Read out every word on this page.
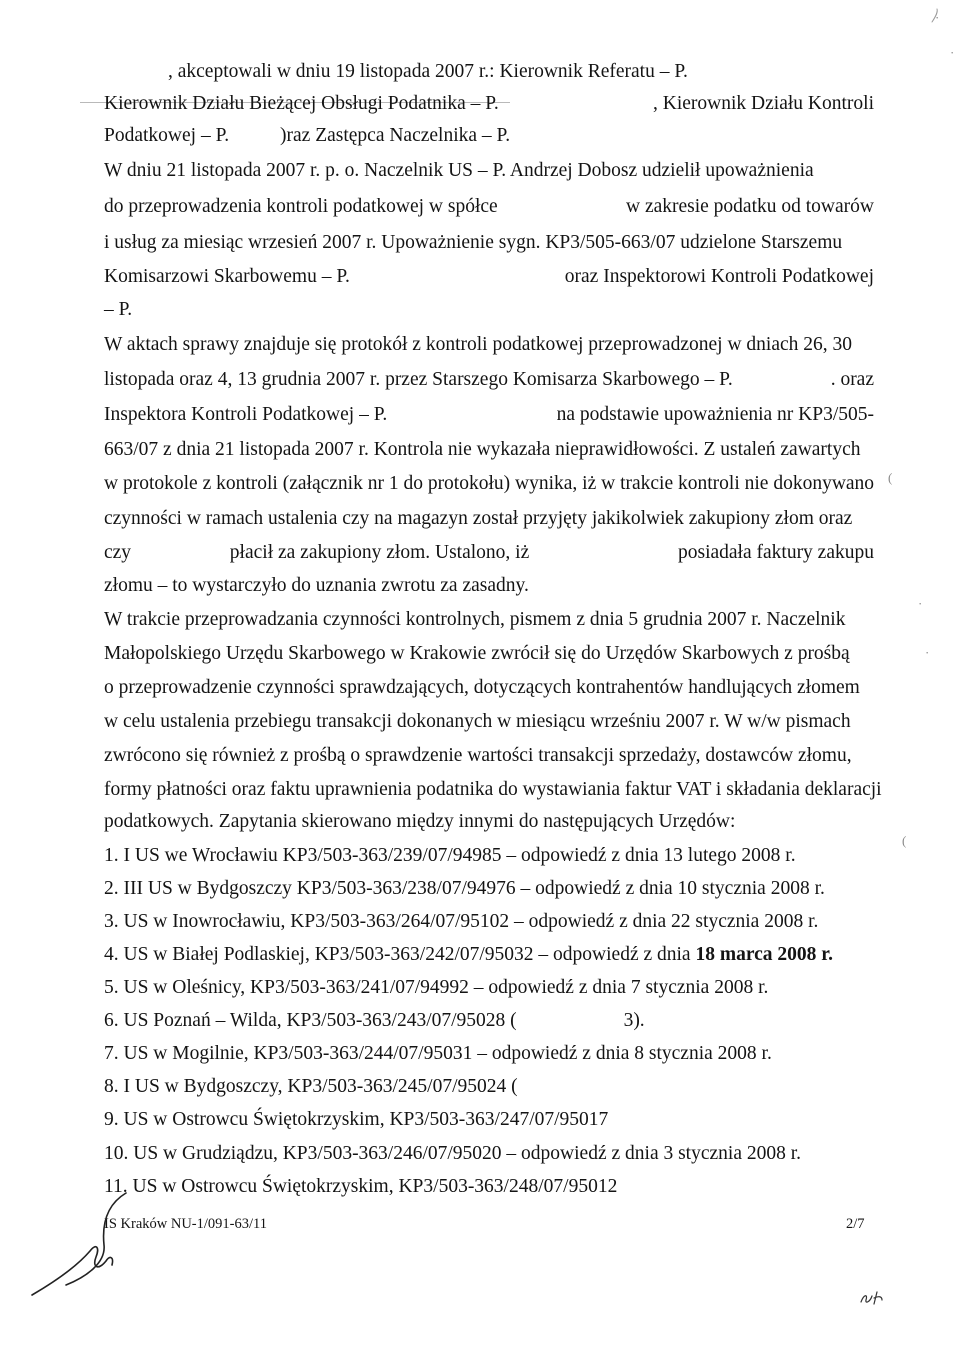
, akceptowali w dniu 19 listopada 2007 r.: Kierownik Referatu – P.
Kierownik Działu Bieżącej Obsługi Podatnika – P.	, Kierownik Działu Kontroli
Podatkowej – P.	)raz Zastępca Naczelnika – P.
W dniu 21 listopada 2007 r. p. o. Naczelnik US – P. Andrzej Dobosz udzielił upoważnienia
do przeprowadzenia kontroli podatkowej w spółce	w zakresie podatku od towarów
i usług za miesiąc wrzesień 2007 r. Upoważnienie sygn. KP3/505-663/07 udzielone Starszemu
Komisarzowi Skarbowemu – P.	oraz Inspektorowi Kontroli Podatkowej
– P.
W aktach sprawy znajduje się protokół z kontroli podatkowej przeprowadzonej w dniach 26, 30
listopada oraz 4, 13 grudnia 2007 r. przez Starszego Komisarza Skarbowego – P.	. oraz
Inspektora Kontroli Podatkowej – P.	na podstawie upoważnienia nr KP3/505-
663/07 z dnia 21 listopada 2007 r. Kontrola nie wykazała nieprawidłowości. Z ustaleń zawartych
w protokole z kontroli (załącznik nr 1 do protokołu) wynika, iż w trakcie kontroli nie dokonywano
czynności w ramach ustalenia czy na magazyn został przyjęty jakikolwiek zakupiony złom oraz
czy	płacił za zakupiony złom. Ustalono, iż	posiadała faktury zakupu
złomu – to wystarczyło do uznania zwrotu za zasadny.
W trakcie przeprowadzania czynności kontrolnych, pismem z dnia 5 grudnia 2007 r. Naczelnik
Małopolskiego Urzędu Skarbowego w Krakowie zwrócił się do Urzędów Skarbowych z prośbą
o przeprowadzenie czynności sprawdzających, dotyczących kontrahentów handlujących złomem
w celu ustalenia przebiegu transakcji dokonanych w miesiącu wrześniu 2007 r. W w/w pismach
zwrócono się również z prośbą o sprawdzenie wartości transakcji sprzedaży, dostawców złomu,
formy płatności oraz faktu uprawnienia podatnika do wystawiania faktur VAT i składania deklaracji
podatkowych. Zapytania skierowano między innymi do następujących Urzędów:
1. I US we Wrocławiu KP3/503-363/239/07/94985 – odpowiedź z dnia 13 lutego 2008 r.
2. III US w Bydgoszczy KP3/503-363/238/07/94976 – odpowiedź z dnia 10 stycznia 2008 r.
3. US w Inowrocławiu, KP3/503-363/264/07/95102 – odpowiedź z dnia 22 stycznia 2008 r.
4. US w Białej Podlaskiej, KP3/503-363/242/07/95032 – odpowiedź z dnia 18 marca 2008 r.
5. US w Oleśnicy, KP3/503-363/241/07/94992 – odpowiedź z dnia 7 stycznia 2008 r.
6. US Poznań – Wilda, KP3/503-363/243/07/95028 (	3).
7. US w Mogilnie, KP3/503-363/244/07/95031 – odpowiedź z dnia 8 stycznia 2008 r.
8. I US w Bydgoszczy, KP3/503-363/245/07/95024 (
9. US w Ostrowcu Świętokrzyskim, KP3/503-363/247/07/95017
10. US w Grudziądzu, KP3/503-363/246/07/95020 – odpowiedź z dnia 3 stycznia 2008 r.
11. US w Ostrowcu Świętokrzyskim, KP3/503-363/248/07/95012
IS Kraków NU-1/091-63/11	2/7
(
(
·
·
·
·
